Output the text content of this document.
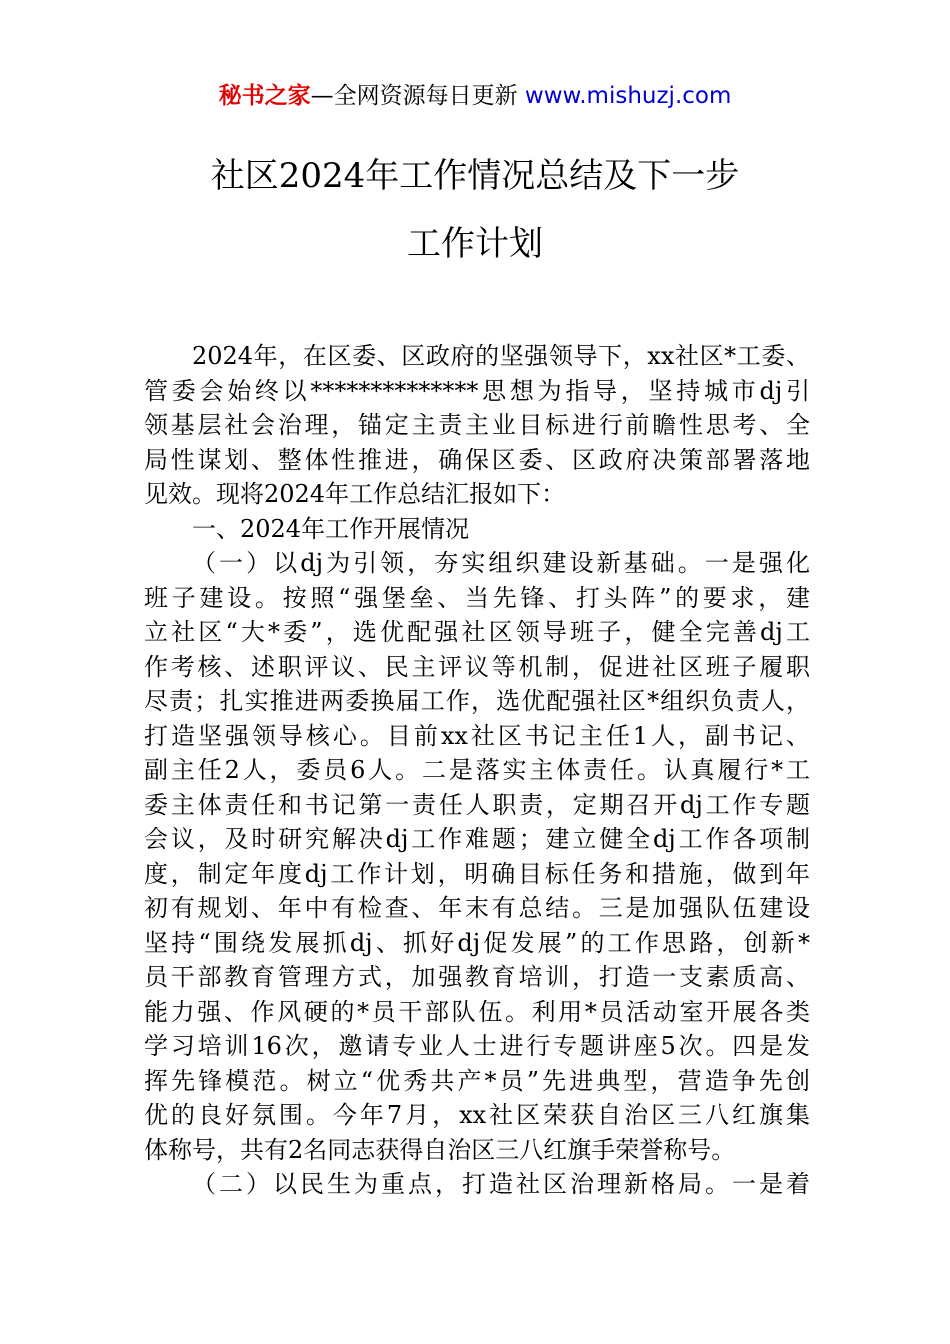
秘书之家—全网资源每日更新 www.mishuzj.com
社区2024年工作情况总结及下一步
工作计划
2024年，在区委、区政府的坚强领导下，xx社区*工委、
管委会始终以**************思想为指导，坚持城市dj引
领基层社会治理，锚定主责主业目标进行前瞻性思考、全
局性谋划、整体性推进，确保区委、区政府决策部署落地
见效。现将2024年工作总结汇报如下：
一、2024年工作开展情况
（一）以dj为引领，夯实组织建设新基础。一是强化
班子建设。按照“强堡垒、当先锋、打头阵”的要求，建
立社区“大*委”，选优配强社区领导班子，健全完善dj工
作考核、述职评议、民主评议等机制，促进社区班子履职
尽责；扎实推进两委换届工作，选优配强社区*组织负责人，
打造坚强领导核心。目前xx社区书记主任1人，副书记、
副主任2人，委员6人。二是落实主体责任。认真履行*工
委主体责任和书记第一责任人职责，定期召开dj工作专题
会议，及时研究解决dj工作难题；建立健全dj工作各项制
度，制定年度dj工作计划，明确目标任务和措施，做到年
初有规划、年中有检查、年末有总结。三是加强队伍建设
坚持“围绕发展抓dj、抓好dj促发展”的工作思路，创新*
员干部教育管理方式，加强教育培训，打造一支素质高、
能力强、作风硬的*员干部队伍。利用*员活动室开展各类
学习培训16次，邀请专业人士进行专题讲座5次。四是发
挥先锋模范。树立“优秀共产*员”先进典型，营造争先创
优的良好氛围。今年7月，xx社区荣获自治区三八红旗集
体称号，共有2名同志获得自治区三八红旗手荣誉称号。
（二）以民生为重点，打造社区治理新格局。一是着
